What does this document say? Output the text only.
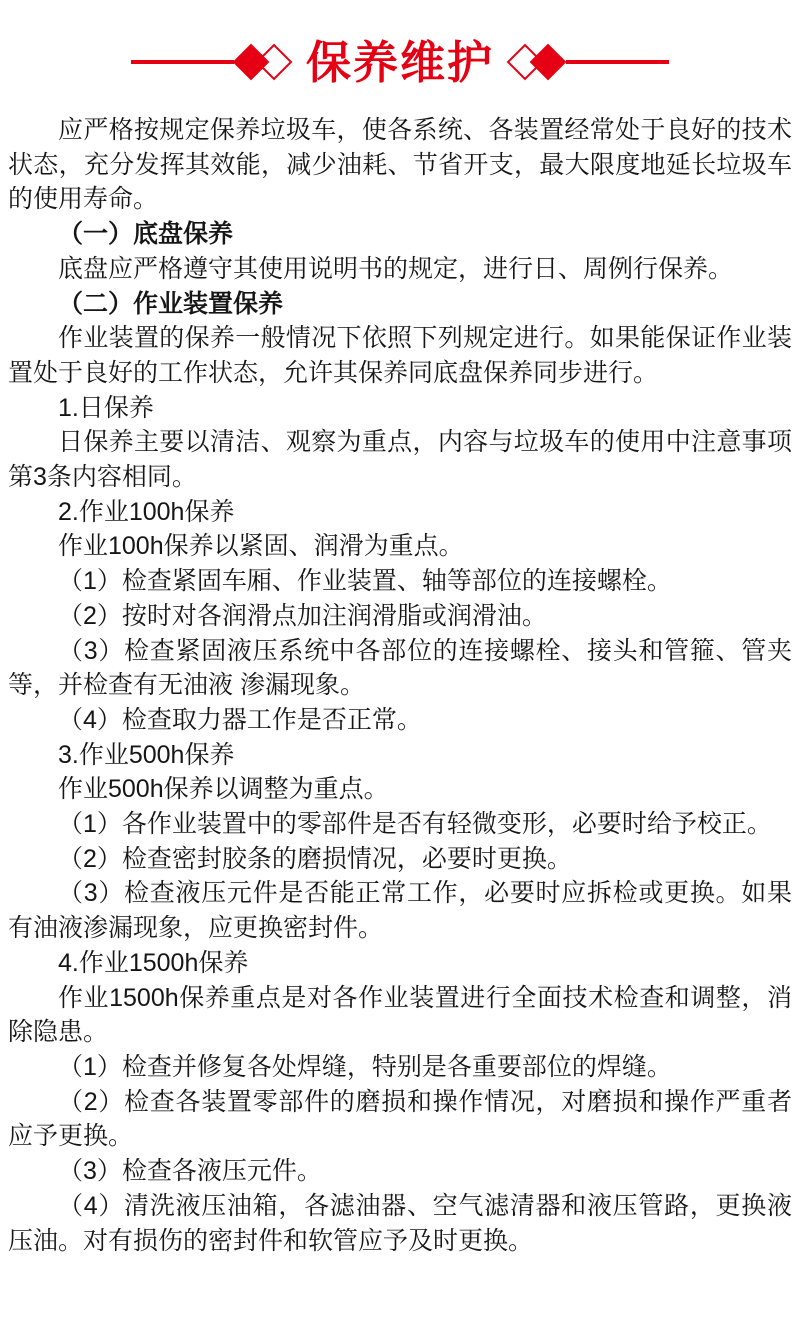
保养维护

应严格按规定保养垃圾车，使各系统、各装置经常处于良好的技术状态，充分发挥其效能，减少油耗、节省开支，最大限度地延长垃圾车的使用寿命。

（一）底盘保养

底盘应严格遵守其使用说明书的规定，进行日、周例行保养。

（二）作业装置保养

作业装置的保养一般情况下依照下列规定进行。如果能保证作业装置处于良好的工作状态，允许其保养同底盘保养同步进行。

1.日保养

日保养主要以清洁、观察为重点，内容与垃圾车的使用中注意事项第3条内容相同。

2.作业100h保养

作业100h保养以紧固、润滑为重点。

（1）检查紧固车厢、作业装置、轴等部位的连接螺栓。

（2）按时对各润滑点加注润滑脂或润滑油。

（3）检查紧固液压系统中各部位的连接螺栓、接头和管箍、管夹等，并检查有无油液 渗漏现象。

（4）检查取力器工作是否正常。

3.作业500h保养

作业500h保养以调整为重点。

（1）各作业装置中的零部件是否有轻微变形，必要时给予校正。

（2）检查密封胶条的磨损情况，必要时更换。

（3）检查液压元件是否能正常工作，必要时应拆检或更换。如果有油液渗漏现象，应更换密封件。

4.作业1500h保养

作业1500h保养重点是对各作业装置进行全面技术检查和调整，消除隐患。

（1）检查并修复各处焊缝，特别是各重要部位的焊缝。

（2）检查各装置零部件的磨损和操作情况，对磨损和操作严重者应予更换。

（3）检查各液压元件。

（4）清洗液压油箱，各滤油器、空气滤清器和液压管路，更换液压油。对有损伤的密封件和软管应予及时更换。
